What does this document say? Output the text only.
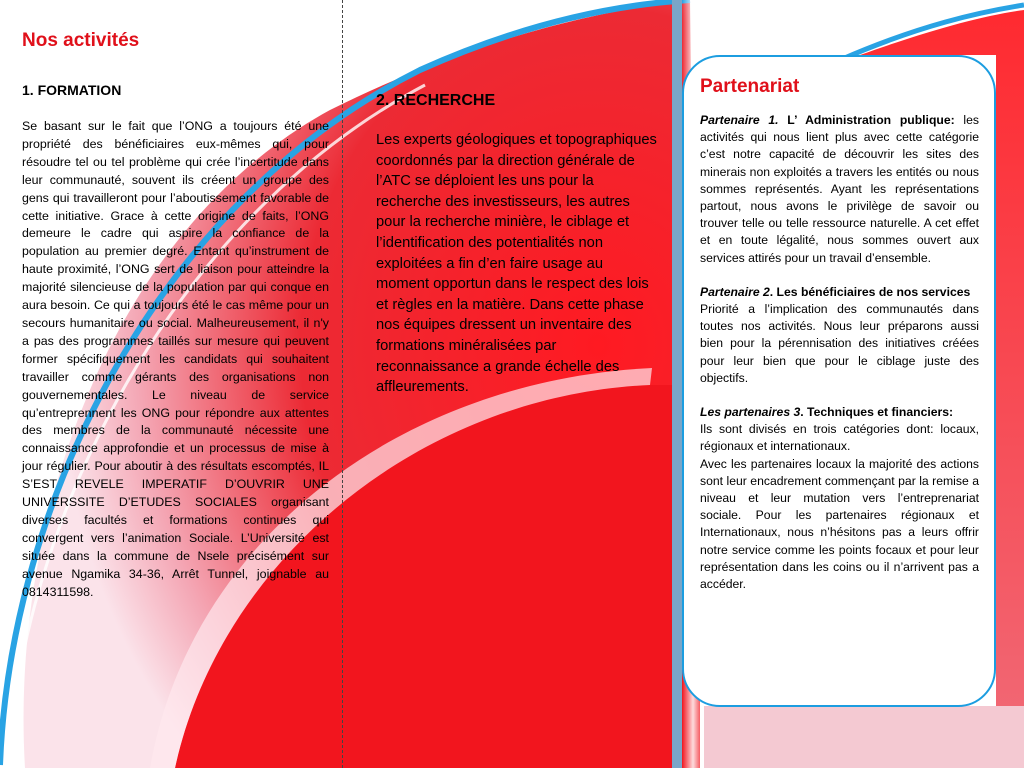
Nos activités
1. FORMATION

Se basant sur le fait que l’ONG a toujours été une propriété des bénéficiaires eux-mêmes qui, pour résoudre tel ou tel problème qui crée l’incertitude dans leur communauté, souvent ils créent un groupe des gens qui travailleront pour l’aboutissement favorable de cette initiative. Grace à cette origine de faits, l’ONG demeure le cadre qui aspire la confiance de la population au premier degré. Entant qu’instrument de haute proximité, l’ONG sert de liaison pour atteindre la majorité silencieuse de la population par qui conque en aura besoin. Ce qui a toujours été le cas même pour un secours humanitaire ou social. Malheureusement, il n'y a pas des programmes taillés sur mesure qui peuvent former spécifiquement les candidats qui souhaitent travailler comme gérants des organisations non gouvernementales. Le niveau de service qu’entreprennent les ONG pour répondre aux attentes des membres de la communauté nécessite une connaissance approfondie et un processus de mise à jour régulier. Pour aboutir à des résultats escomptés, IL S’EST REVELE IMPERATIF D’OUVRIR UNE UNIVERSSITE D’ETUDES SOCIALES organisant diverses facultés et formations continues qui convergent vers l’animation Sociale. L’Université est située dans la commune de Nsele précisément sur avenue Ngamika 34-36, Arrêt Tunnel, joignable au 0814311598.

2. RECHERCHE

Les experts géologiques et topographiques coordonnés par la direction générale de l’ATC se déploient les uns pour la recherche des investisseurs, les autres pour la recherche minière, le ciblage et l’identification des potentialités non exploitées a fin d’en faire usage au moment opportun dans le respect des lois et règles en la matière. Dans cette phase nos équipes dressent un inventaire des formations minéralisées par reconnaissance a grande échelle des affleurements.

Partenariat

Partenaire 1. L’ Administration publique: les activités qui nous lient plus avec cette catégorie c’est notre capacité de découvrir les sites des minerais non exploités a travers les entités ou nous sommes représentés. Ayant les représentations partout, nous avons le privilège de savoir ou trouver telle ou telle ressource naturelle. A cet effet et en toute légalité, nous sommes ouvert aux services attirés pour un travail d’ensemble.

Partenaire 2. Les bénéficiaires de nos services
Priorité a l’implication des communautés dans toutes nos activités. Nous leur préparons aussi bien pour la pérennisation des initiatives créées pour leur bien que pour le ciblage juste des objectifs.

Les partenaires 3. Techniques et financiers:
Ils sont divisés en trois catégories dont: locaux, régionaux et internationaux.
Avec les partenaires locaux la majorité des actions sont leur encadrement commençant par la remise a niveau et leur mutation vers l’entreprenariat sociale. Pour les partenaires régionaux et Internationaux, nous n’hésitons pas a leurs offrir notre service comme les points focaux et pour leur représentation dans les coins ou il n’arrivent pas a accéder.
